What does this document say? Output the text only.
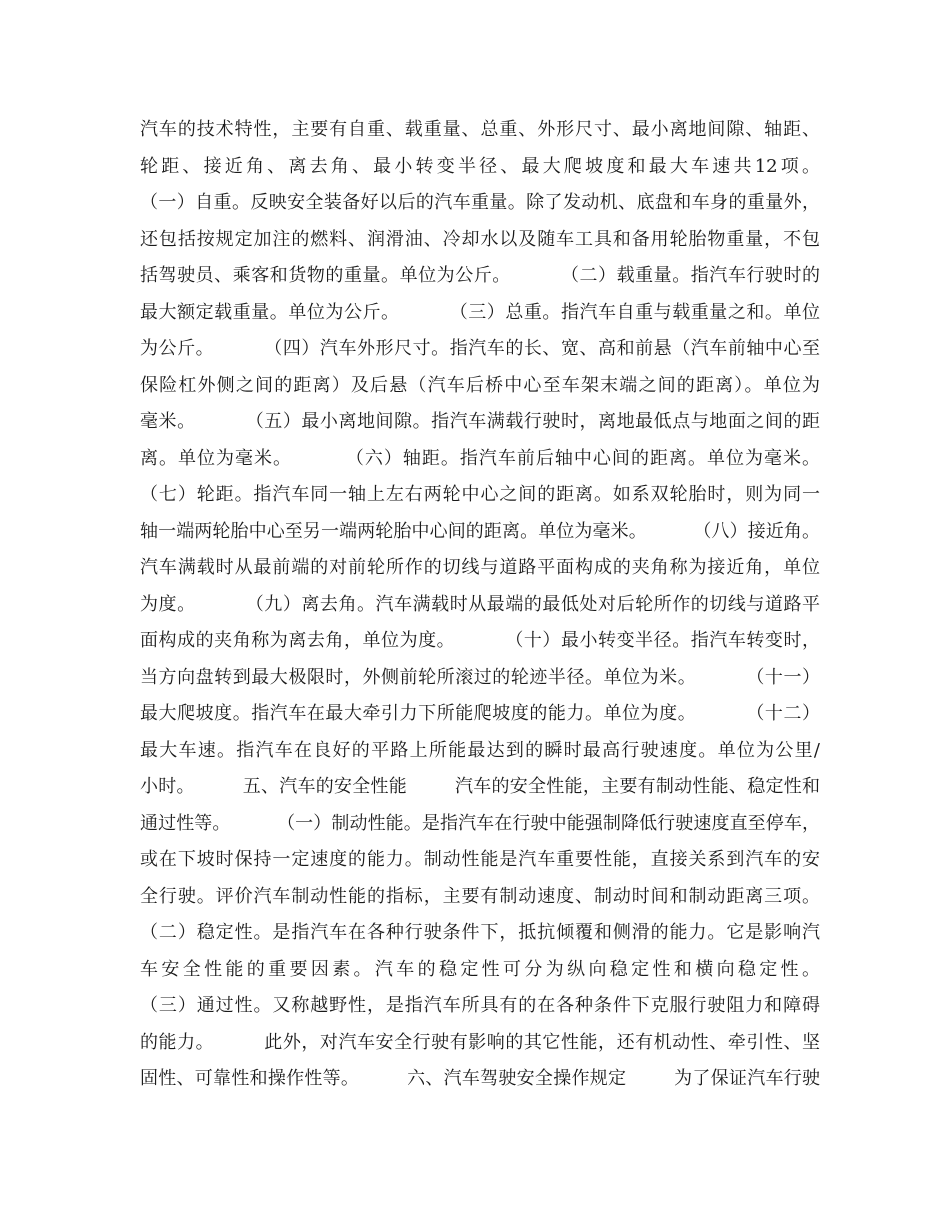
汽车的技术特性，主要有自重、载重量、总重、外形尺寸、最小离地间隙、轴距、
轮距、接近角、离去角、最小转变半径、最大爬坡度和最大车速共12项。
（一）自重。反映安全装备好以后的汽车重量。除了发动机、底盘和车身的重量外，
还包括按规定加注的燃料、润滑油、冷却水以及随车工具和备用轮胎物重量，不包
括驾驶员、乘客和货物的重量。单位为公斤。        （二）载重量。指汽车行驶时的
最大额定载重量。单位为公斤。        （三）总重。指汽车自重与载重量之和。单位
为公斤。        （四）汽车外形尺寸。指汽车的长、宽、高和前悬（汽车前轴中心至
保险杠外侧之间的距离）及后悬（汽车后桥中心至车架末端之间的距离）。单位为
毫米。        （五）最小离地间隙。指汽车满载行驶时，离地最低点与地面之间的距
离。单位为毫米。        （六）轴距。指汽车前后轴中心间的距离。单位为毫米。
（七）轮距。指汽车同一轴上左右两轮中心之间的距离。如系双轮胎时，则为同一
轴一端两轮胎中心至另一端两轮胎中心间的距离。单位为毫米。        （八）接近角。
汽车满载时从最前端的对前轮所作的切线与道路平面构成的夹角称为接近角，单位
为度。        （九）离去角。汽车满载时从最端的最低处对后轮所作的切线与道路平
面构成的夹角称为离去角，单位为度。        （十）最小转变半径。指汽车转变时，
当方向盘转到最大极限时，外侧前轮所滚过的轮迹半径。单位为米。        （十一）
最大爬坡度。指汽车在最大牵引力下所能爬坡度的能力。单位为度。        （十二）
最大车速。指汽车在良好的平路上所能最达到的瞬时最高行驶速度。单位为公里/
小时。        五、汽车的安全性能        汽车的安全性能，主要有制动性能、稳定性和
通过性等。        （一）制动性能。是指汽车在行驶中能强制降低行驶速度直至停车，
或在下坡时保持一定速度的能力。制动性能是汽车重要性能，直接关系到汽车的安
全行驶。评价汽车制动性能的指标，主要有制动速度、制动时间和制动距离三项。
（二）稳定性。是指汽车在各种行驶条件下，抵抗倾覆和侧滑的能力。它是影响汽
车安全性能的重要因素。汽车的稳定性可分为纵向稳定性和横向稳定性。
（三）通过性。又称越野性，是指汽车所具有的在各种条件下克服行驶阻力和障碍
的能力。        此外，对汽车安全行驶有影响的其它性能，还有机动性、牵引性、坚
固性、可靠性和操作性等。        六、汽车驾驶安全操作规定        为了保证汽车行驶
